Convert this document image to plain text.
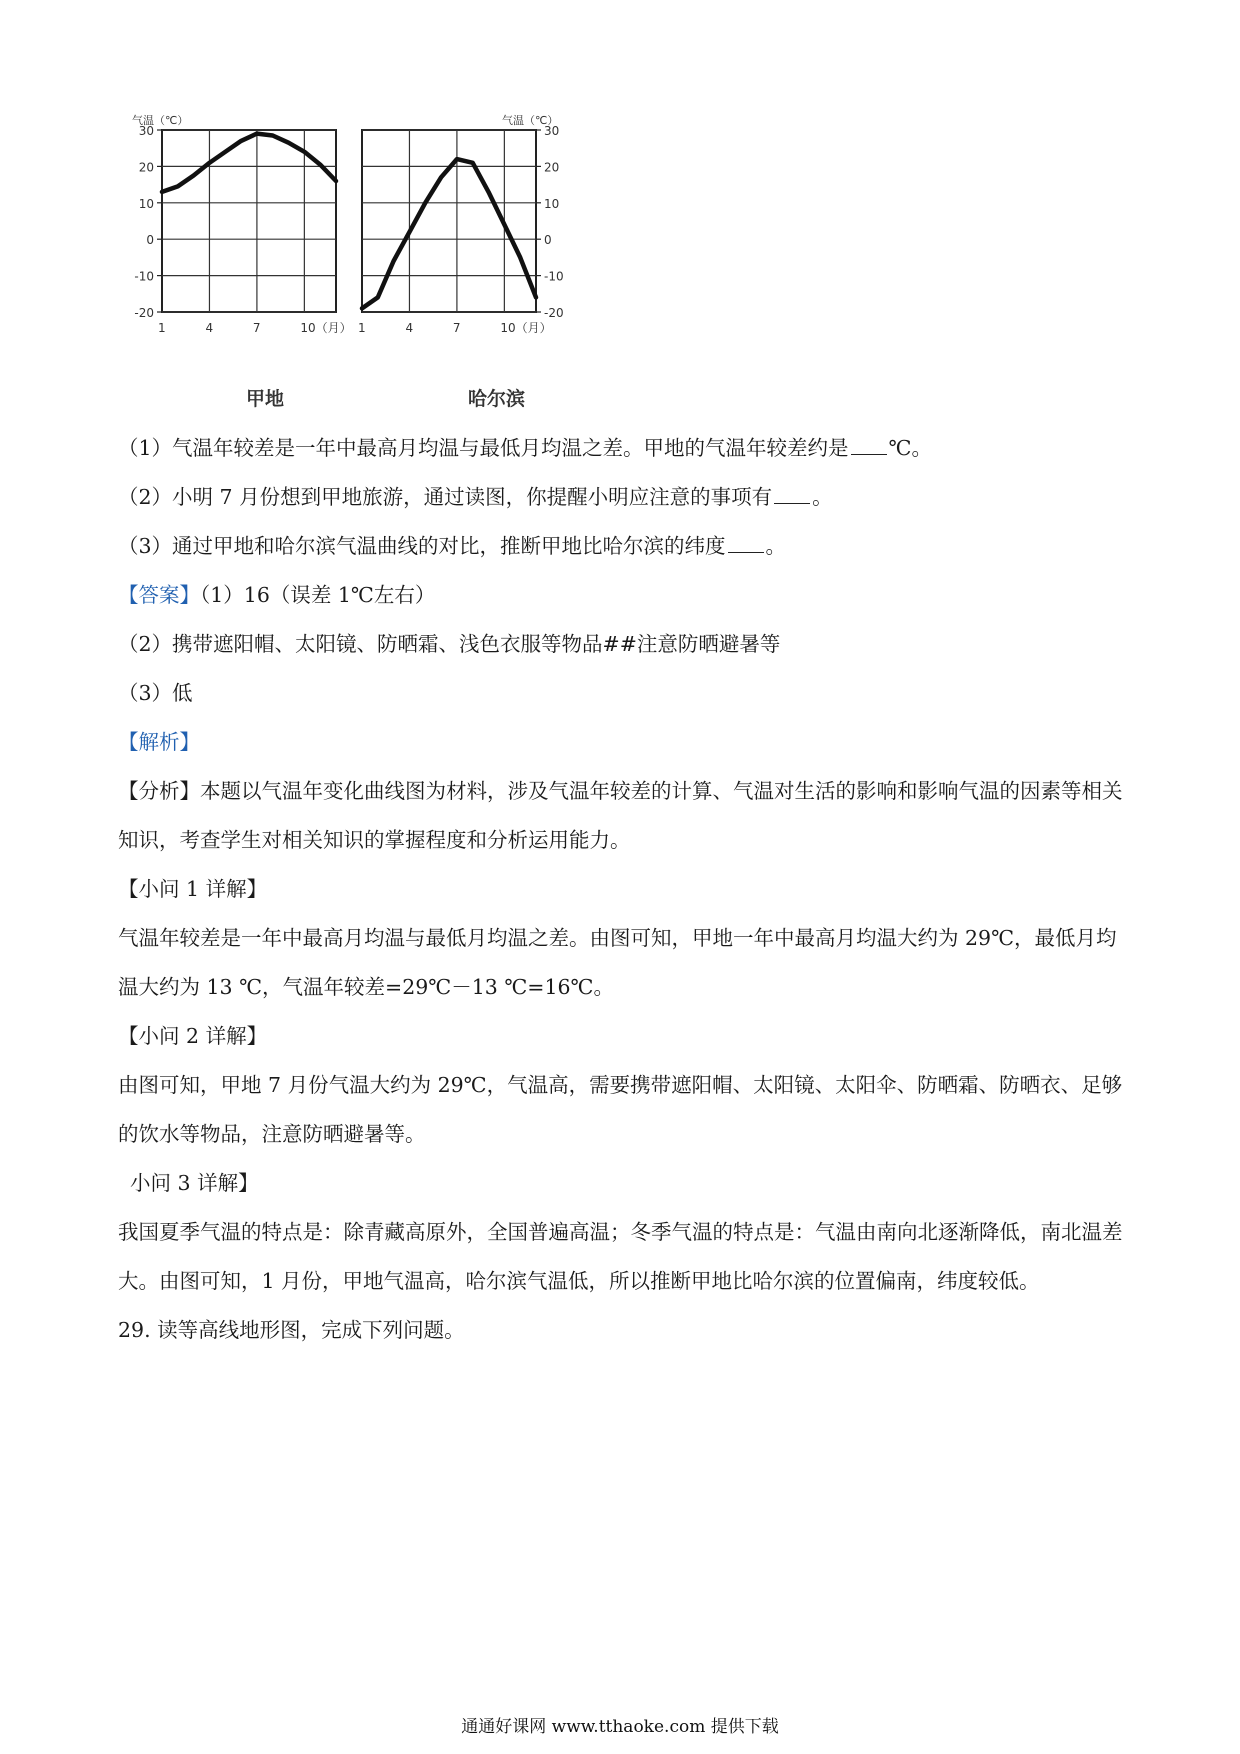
30
20
10
0
-10
-20
1	4	7	10（月）
气温（℃）
30
20
10
0
-10
-20
1	4	7	10（月）
气温（℃）
甲地	哈尔滨
（1）气温年较差是一年中最高月均温与最低月均温之差。甲地的气温年较差约是 ℃。
（2）小明 7 月份想到甲地旅游，通过读图，你提醒小明应注意的事项有 。
（3）通过甲地和哈尔滨气温曲线的对比，推断甲地比哈尔滨的纬度 。
【答案】（1）16（误差 1℃左右）
（2）携带遮阳帽、太阳镜、防晒霜、浅色衣服等物品##注意防晒避暑等
（3）低
【解析】
【分析】本题以气温年变化曲线图为材料，涉及气温年较差的计算、气温对生活的影响和影响气温的因素等相关知识，考查学生对相关知识的掌握程度和分析运用能力。
【小问 1 详解】
气温年较差是一年中最高月均温与最低月均温之差。由图可知，甲地一年中最高月均温大约为 29℃，最低月均温大约为 13 ℃，气温年较差=29℃－13 ℃=16℃。
【小问 2 详解】
由图可知，甲地 7 月份气温大约为 29℃，气温高，需要携带遮阳帽、太阳镜、太阳伞、防晒霜、防晒衣、足够的饮水等物品，注意防晒避暑等。
小问 3 详解】
我国夏季气温的特点是：除青藏高原外，全国普遍高温；冬季气温的特点是：气温由南向北逐渐降低，南北温差大。由图可知，1 月份，甲地气温高，哈尔滨气温低，所以推断甲地比哈尔滨的位置偏南，纬度较低。
29. 读等高线地形图，完成下列问题。
通通好课网 www.tthaoke.com 提供下载
